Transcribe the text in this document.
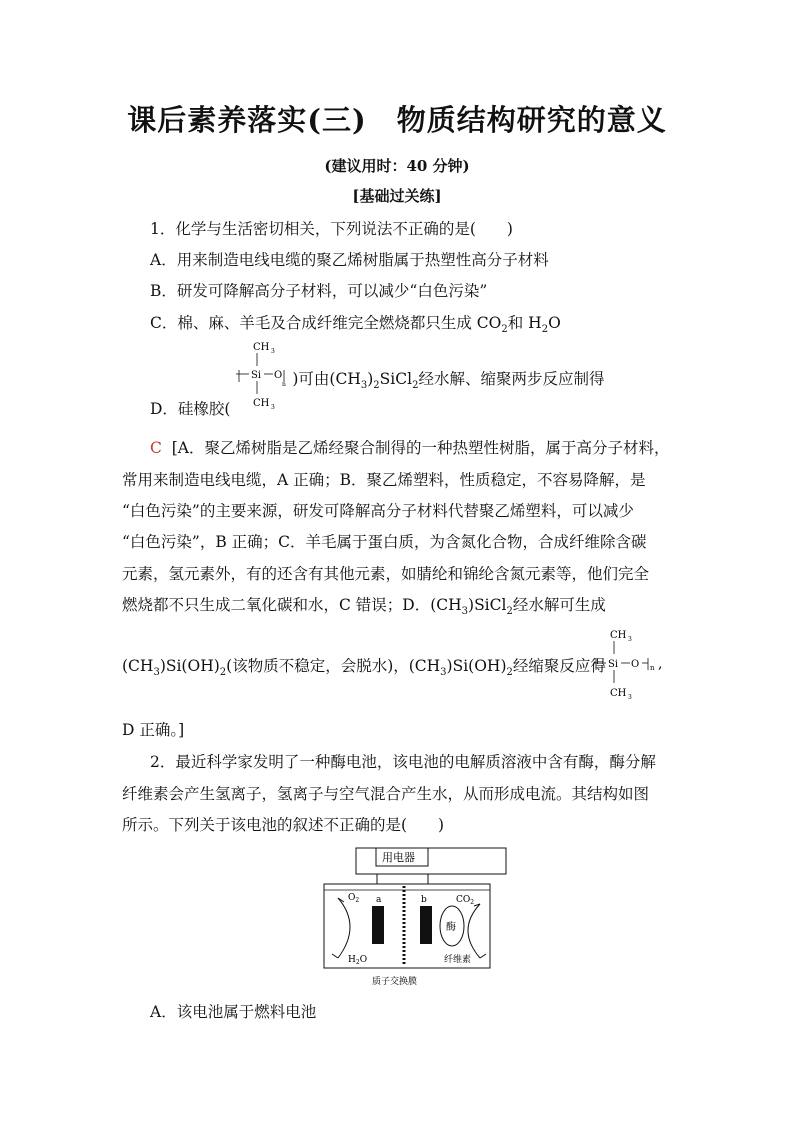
课后素养落实(三)　物质结构研究的意义
(建议用时：40 分钟)
[基础过关练]
1．化学与生活密切相关，下列说法不正确的是(　　)
A．用来制造电线电缆的聚乙烯树脂属于热塑性高分子材料
B．研发可降解高分子材料，可以减少“白色污染”
C．棉、麻、羊毛及合成纤维完全燃烧都只生成 $CO_2$和 $H_2O$
D．硅橡胶(
CH 3
Si O
n
CH 3
)可由$(CH_3)_2SiCl_2$经水解、缩聚两步反应制得
C [A．聚乙烯树脂是乙烯经聚合制得的一种热塑性树脂，属于高分子材料，
常用来制造电线电缆，A 正确；B．聚乙烯塑料，性质稳定，不容易降解，是
“白色污染”的主要来源，研发可降解高分子材料代替聚乙烯塑料，可以减少
“白色污染”，B 正确；C．羊毛属于蛋白质，为含氮化合物，合成纤维除含碳
元素，氢元素外，有的还含有其他元素，如腈纶和锦纶含氮元素等，他们完全
燃烧都不只生成二氧化碳和水，C 错误；D．$(CH_3)SiCl_2$经水解可生成
$(CH_3)Si(OH)_2$(该物质不稳定，会脱水)，$(CH_3)Si(OH)_2$经缩聚反应得
CH 3
Si O n ,
CH 3
D 正确。]
2．最近科学家发明了一种酶电池，该电池的电解质溶液中含有酶，酶分解
纤维素会产生氢离子，氢离子与空气混合产生水，从而形成电流。其结构如图
所示。下列关于该电池的叙述不正确的是(　　)
用电器
a	b
酶
$O_2$	$CO_2$
$H_2O$	纤维素
质子交换膜
A．该电池属于燃料电池
